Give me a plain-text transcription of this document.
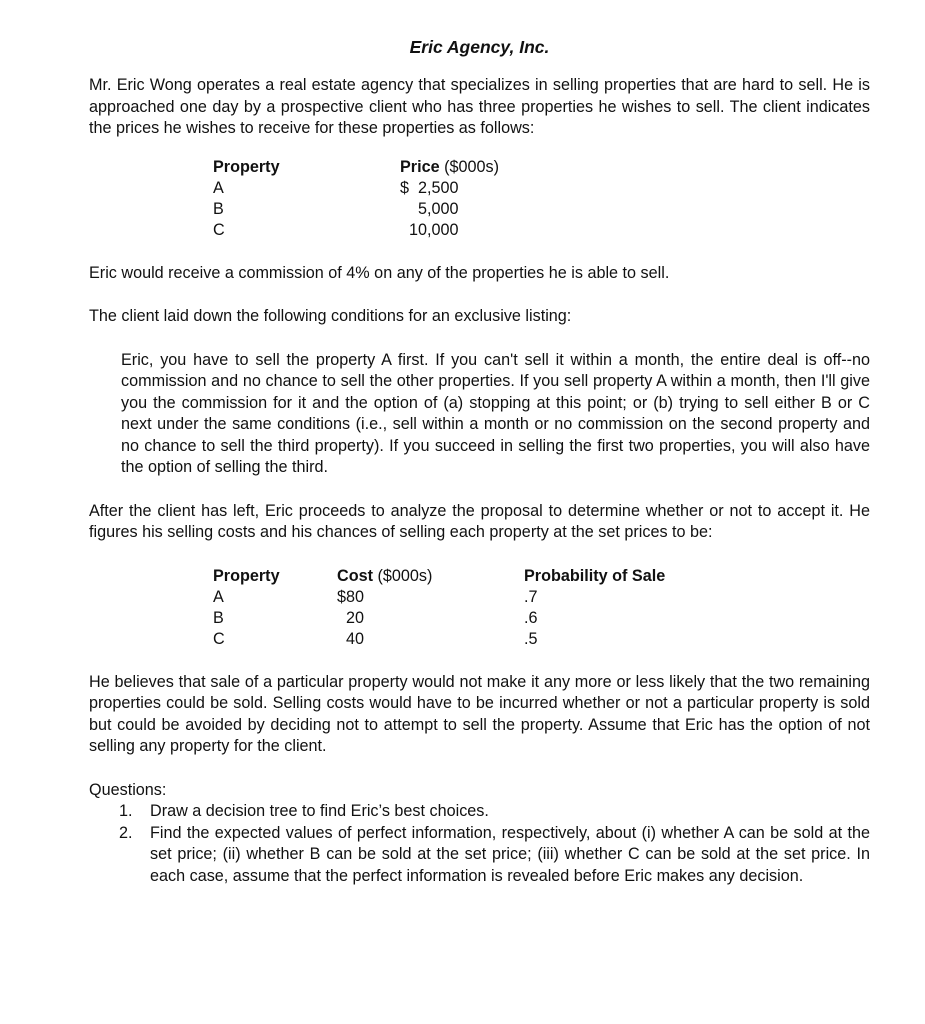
Eric Agency, Inc.

Mr. Eric Wong operates a real estate agency that specializes in selling properties that are hard to sell. He is approached one day by a prospective client who has three properties he wishes to sell. The client indicates the prices he wishes to receive for these properties as follows:

Property	Price ($000s)
A	$  2,500
B	5,000
C	10,000

Eric would receive a commission of 4% on any of the properties he is able to sell.

The client laid down the following conditions for an exclusive listing:

Eric, you have to sell the property A first. If you can't sell it within a month, the entire deal is off--no commission and no chance to sell the other properties. If you sell property A within a month, then I'll give you the commission for it and the option of (a) stopping at this point; or (b) trying to sell either B or C next under the same conditions (i.e., sell within a month or no commission on the second property and no chance to sell the third property). If you succeed in selling the first two properties, you will also have the option of selling the third.

After the client has left, Eric proceeds to analyze the proposal to determine whether or not to accept it. He figures his selling costs and his chances of selling each property at the set prices to be:

Property	Cost ($000s)	Probability of Sale
A	$80	.7
B	20	.6
C	40	.5

He believes that sale of a particular property would not make it any more or less likely that the two remaining properties could be sold. Selling costs would have to be incurred whether or not a particular property is sold but could be avoided by deciding not to attempt to sell the property. Assume that Eric has the option of not selling any property for the client.

Questions:
1. Draw a decision tree to find Eric’s best choices.
2. Find the expected values of perfect information, respectively, about (i) whether A can be sold at the set price; (ii) whether B can be sold at the set price; (iii) whether C can be sold at the set price. In each case, assume that the perfect information is revealed before Eric makes any decision.
